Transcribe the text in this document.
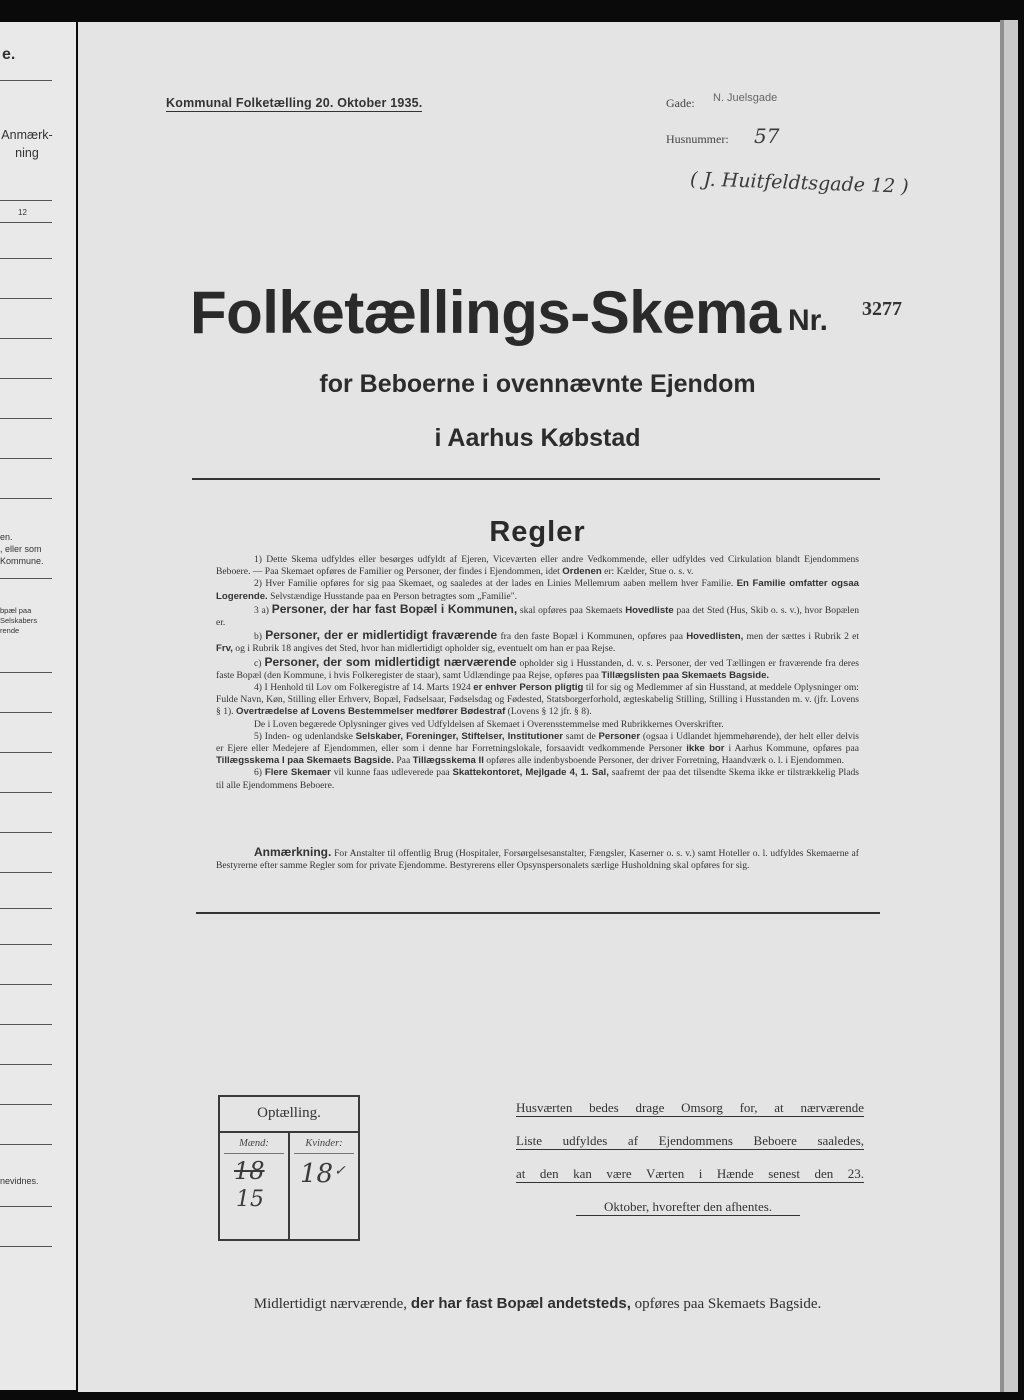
e.
Anmærk-
ning
12
en.
, eller som
Kommune.
bpæl paa
Selskabers
rende
nevidnes.
Kommunal Folketælling 20. Oktober 1935.	Gade: N. Juelsgade
Husnummer: 57
( J. Huitfeldtsgade 12 )
Folketællings-Skema Nr. 3277
for Beboerne i ovennævnte Ejendom
i Aarhus Købstad
Regler

1) Dette Skema udfyldes eller besørges udfyldt af Ejeren, Viceværten eller andre Vedkommende, eller udfyldes ved Cirkulation blandt Ejendommens Beboere. — Paa Skemaet opføres de Familier og Personer, der findes i Ejendommen, idet Ordenen er: Kælder, Stue o. s. v.

2) Hver Familie opføres for sig paa Skemaet, og saaledes at der lades en Linies Mellemrum aaben mellem hver Familie. En Familie omfatter ogsaa Logerende. Selvstændige Husstande paa en Person betragtes som „Familie".

3 a) Personer, der har fast Bopæl i Kommunen, skal opføres paa Skemaets Hovedliste paa det Sted (Hus, Skib o. s. v.), hvor Bopælen er.

b) Personer, der er midlertidigt fraværende fra den faste Bopæl i Kommunen, opføres paa Hovedlisten, men der sættes i Rubrik 2 et Frv, og i Rubrik 18 angives det Sted, hvor han midlertidigt opholder sig, eventuelt om han er paa Rejse.

c) Personer, der som midlertidigt nærværende opholder sig i Husstanden, d. v. s. Personer, der ved Tællingen er fraværende fra deres faste Bopæl (den Kommune, i hvis Folkeregister de staar), samt Udlændinge paa Rejse, opføres paa Tillægslisten paa Skemaets Bagside.

4) I Henhold til Lov om Folkeregistre af 14. Marts 1924 er enhver Person pligtig til for sig og Medlemmer af sin Husstand, at meddele Oplysninger om: Fulde Navn, Køn, Stilling eller Erhverv, Bopæl, Fødselsaar, Fødselsdag og Fødested, Statsborgerforhold, ægteskabelig Stilling, Stilling i Husstanden m. v. (jfr. Lovens § 1). Overtrædelse af Lovens Bestemmelser medfører Bødestraf (Lovens § 12 jfr. § 8).

De i Loven begærede Oplysninger gives ved Udfyldelsen af Skemaet i Overensstemmelse med Rubrikkernes Overskrifter.

5) Inden- og udenlandske Selskaber, Foreninger, Stiftelser, Institutioner samt de Personer (ogsaa i Udlandet hjemmehørende), der helt eller delvis er Ejere eller Medejere af Ejendommen, eller som i denne har Forretningslokale, forsaavidt vedkommende Personer ikke bor i Aarhus Kommune, opføres paa Tillægsskema I paa Skemaets Bagside. Paa Tillægsskema II opføres alle indenbysboende Personer, der driver Forretning, Haandværk o. l. i Ejendommen.

6) Flere Skemaer vil kunne faas udleverede paa Skattekontoret, Mejlgade 4, 1. Sal, saafremt der paa det tilsendte Skema ikke er tilstrækkelig Plads til alle Ejendommens Beboere.

Anmærkning. For Anstalter til offentlig Brug (Hospitaler, Forsørgelsesanstalter, Fængsler, Kaserner o. s. v.) samt Hoteller o. l. udfyldes Skemaerne af Bestyrerne efter samme Regler som for private Ejendomme. Bestyrerens eller Opsynspersonalets særlige Husholdning skal opføres for sig.

Optælling.
Mænd:	Kvinder:
18
15
18 ✓
Husværten bedes drage Omsorg for, at nærværende
Liste udfyldes af Ejendommens Beboere saaledes,
at den kan være Værten i Hænde senest den 23.
Oktober, hvorefter den afhentes.
Midlertidigt nærværende, der har fast Bopæl andetsteds, opføres paa Skemaets Bagside.
